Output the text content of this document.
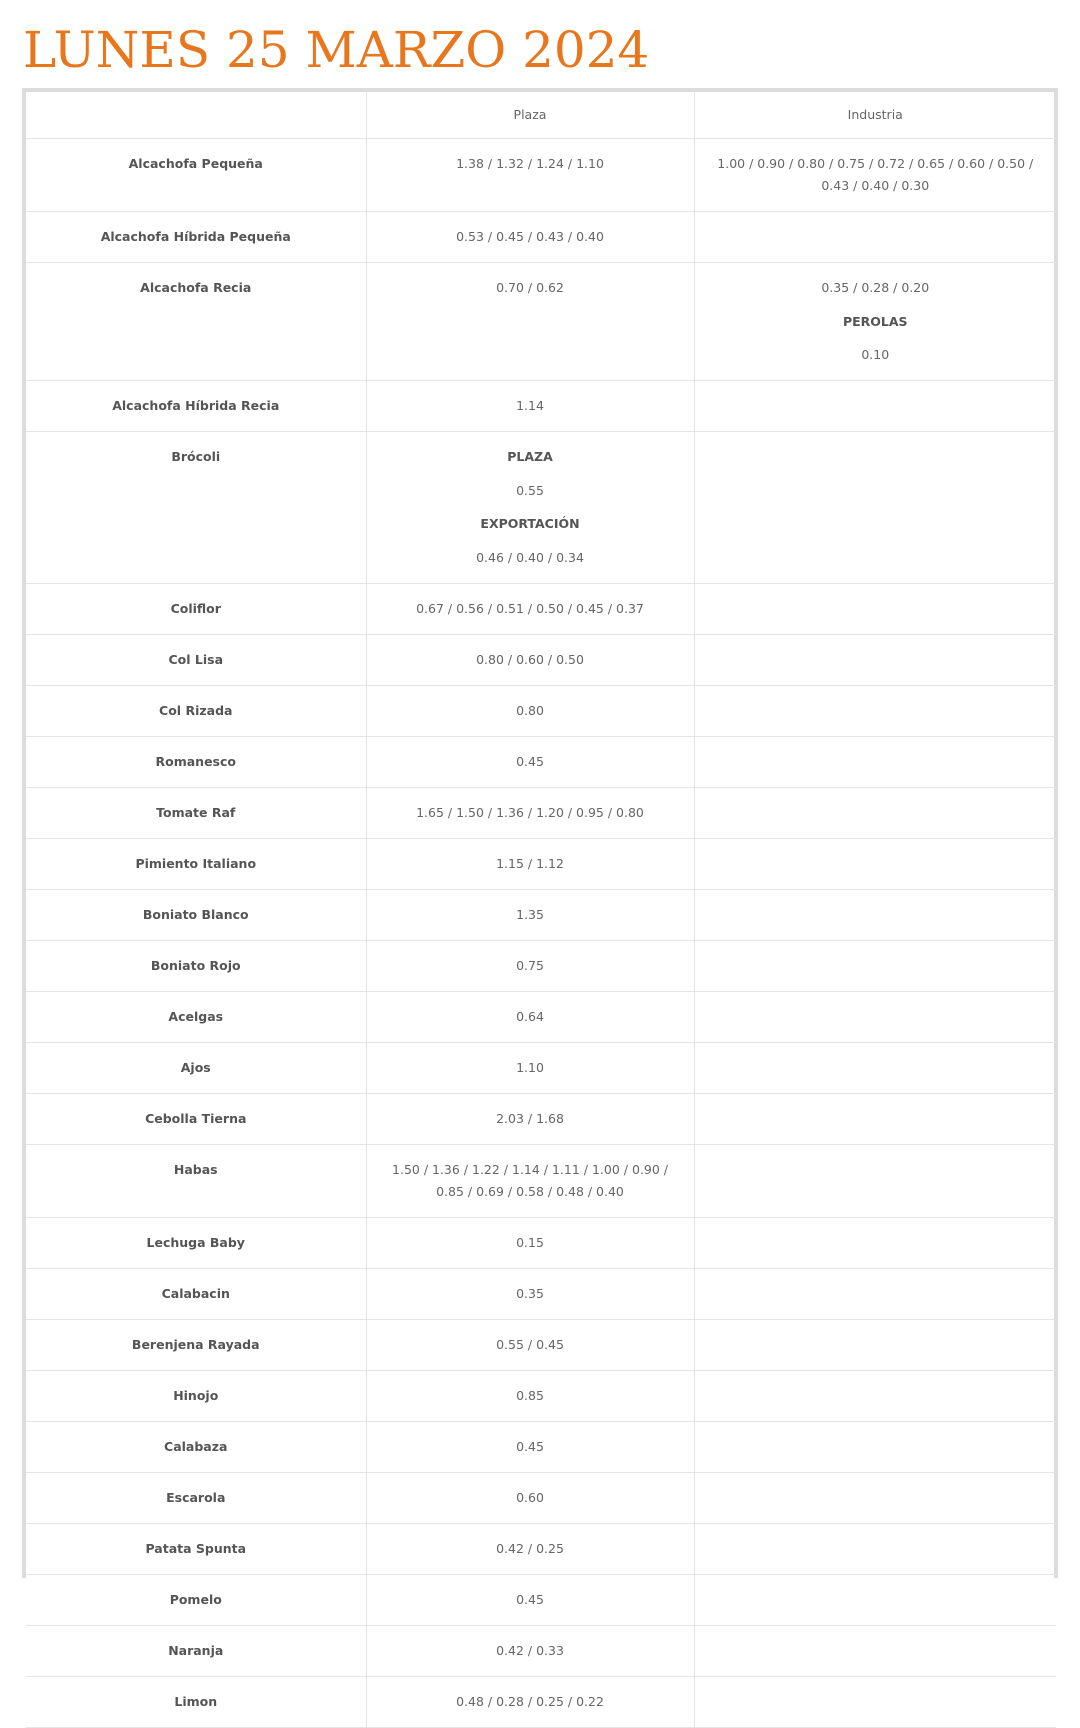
LUNES 25 MARZO 2024
	Plaza	Industria
Alcachofa Pequeña	1.38 / 1.32 / 1.24 / 1.10	1.00 / 0.90 / 0.80 / 0.75 / 0.72 / 0.65 / 0.60 / 0.50 / 0.43 / 0.40 / 0.30

Alcachofa Híbrida Pequeña	0.53 / 0.45 / 0.43 / 0.40	

Alcachofa Recia	0.70 / 0.62	0.35 / 0.28 / 0.20
PEROLAS
0.10

Alcachofa Híbrida Recia	1.14	

Brócoli	PLAZA
0.55
EXPORTACIÓN
0.46 / 0.40 / 0.34	

Coliflor	0.67 / 0.56 / 0.51 / 0.50 / 0.45 / 0.37	

Col Lisa	0.80 / 0.60 / 0.50	

Col Rizada	0.80	

Romanesco	0.45	

Tomate Raf	1.65 / 1.50 / 1.36 / 1.20 / 0.95 / 0.80	

Pimiento Italiano	1.15 / 1.12	

Boniato Blanco	1.35	

Boniato Rojo	0.75	

Acelgas	0.64	

Ajos	1.10	

Cebolla Tierna	2.03 / 1.68	

Habas	1.50 / 1.36 / 1.22 / 1.14 / 1.11 / 1.00 / 0.90 / 0.85 / 0.69 / 0.58 / 0.48 / 0.40	

Lechuga Baby	0.15	

Calabacin	0.35	

Berenjena Rayada	0.55 / 0.45	

Hinojo	0.85	

Calabaza	0.45	

Escarola	0.60	

Patata Spunta	0.42 / 0.25	

Pomelo	0.45	

Naranja	0.42 / 0.33	

Limon	0.48 / 0.28 / 0.25 / 0.22	
